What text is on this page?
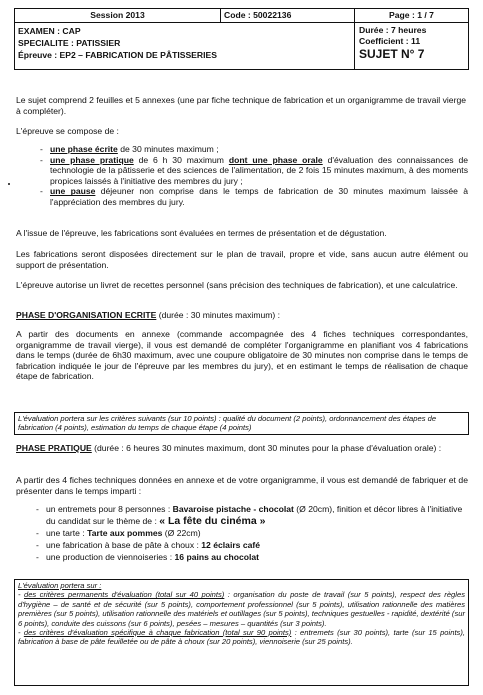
Session 2013	Code : 50022136	Page : 1 / 7
EXAMEN : CAP
SPECIALITE : PATISSIER
Épreuve : EP2 – FABRICATION DE PÂTISSERIES
Durée : 7 heures
Coefficient : 11
SUJET N° 7
Le sujet comprend 2 feuilles et 5 annexes (une par fiche technique de fabrication et un organigramme de travail vierge à compléter).
L'épreuve se compose de :
- une phase écrite de 30 minutes maximum ;
- une phase pratique de 6 h 30 maximum dont une phase orale d'évaluation des connaissances de technologie de la pâtisserie et des sciences de l'alimentation, de 2 fois 15 minutes maximum, à des moments propices laissés à l'initiative des membres du jury ;
- une pause déjeuner non comprise dans le temps de fabrication de 30 minutes maximum laissée à l'appréciation des membres du jury.
A l'issue de l'épreuve, les fabrications sont évaluées en termes de présentation et de dégustation.
Les fabrications seront disposées directement sur le plan de travail, propre et vide, sans aucun autre élément ou support de présentation.
L'épreuve autorise un livret de recettes personnel (sans précision des techniques de fabrication), et une calculatrice.
PHASE D'ORGANISATION ECRITE (durée : 30 minutes maximum) :
A partir des documents en annexe (commande accompagnée des 4 fiches techniques correspondantes, organigramme de travail vierge), il vous est demandé de compléter l'organigramme en planifiant vos 4 fabrications dans le temps (durée de 6h30 maximum, avec une coupure obligatoire de 30 minutes non comprise dans le temps de fabrication indiquée le jour de l'épreuve par les membres du jury), et en estimant le temps de réalisation de chaque étape de fabrication.
L'évaluation portera sur les critères suivants (sur 10 points) : qualité du document (2 points), ordonnancement des étapes de fabrication (4 points), estimation du temps de chaque étape (4 points)
PHASE PRATIQUE (durée : 6 heures 30 minutes maximum, dont 30 minutes pour la phase d'évaluation orale) :
A partir des 4 fiches techniques données en annexe et de votre organigramme, il vous est demandé de fabriquer et de présenter dans le temps imparti :
- un entremets pour 8 personnes : Bavaroise pistache - chocolat (Ø 20cm), finition et décor libres à l'initiative du candidat sur le thème de : « La fête du cinéma »
- une tarte : Tarte aux pommes (Ø 22cm)
- une fabrication à base de pâte à choux : 12 éclairs café
- une production de viennoiseries : 16 pains au chocolat
L'évaluation portera sur :
- des critères permanents d'évaluation (total sur 40 points) : organisation du poste de travail (sur 5 points), respect des règles d'hygiène – de santé et de sécurité (sur 5 points), comportement professionnel (sur 5 points), utilisation rationnelle des matières premières (sur 5 points), utilisation rationnelle des matériels et outillages (sur 5 points), techniques gestuelles - rapidité, dextérité (sur 6 points), conduite des cuissons (sur 6 points), pesées – mesures – quantités (sur 3 points).
- des critères d'évaluation spécifique à chaque fabrication (total sur 90 points) : entremets (sur 30 points), tarte (sur 15 points), fabrication à base de pâte feuilletée ou de pâte à choux (sur 20 points), viennoiserie (sur 25 points).
